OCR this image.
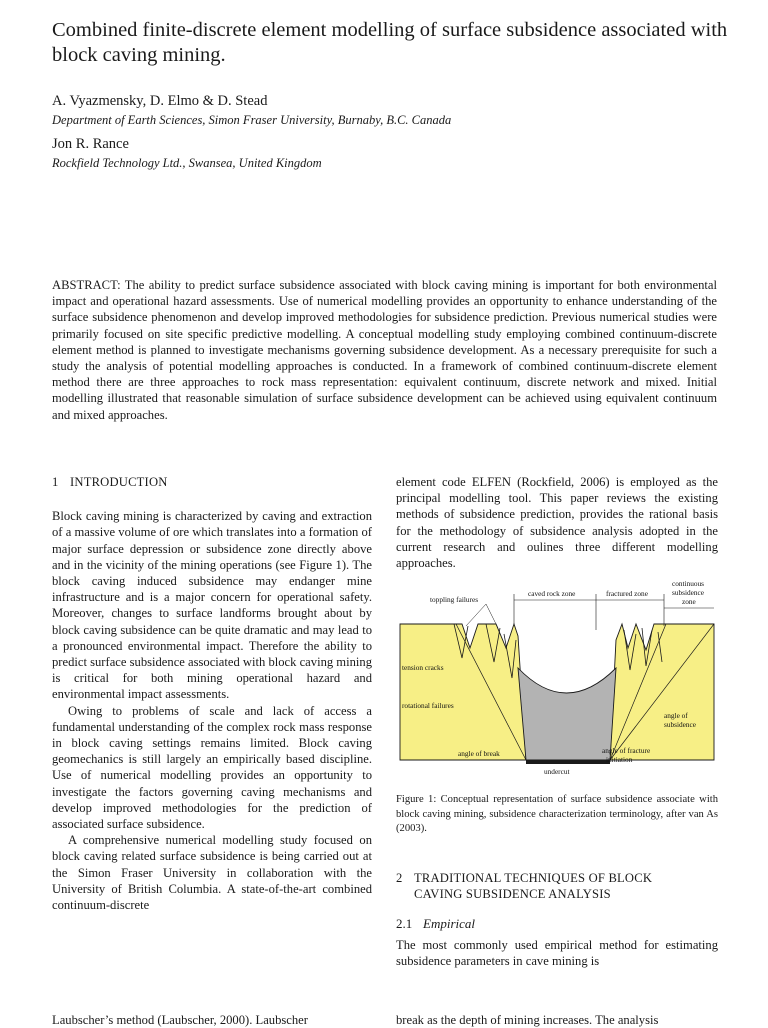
Combined finite-discrete element modelling of surface subsidence associated with block caving mining.

A. Vyazmensky, D. Elmo & D. Stead

Department of Earth Sciences, Simon Fraser University, Burnaby, B.C. Canada

Jon R. Rance

Rockfield Technology Ltd., Swansea, United Kingdom

ABSTRACT: The ability to predict surface subsidence associated with block caving mining is important for both environmental impact and operational hazard assessments. Use of numerical modelling provides an opportunity to enhance understanding of the surface subsidence phenomenon and develop improved methodologies for subsidence prediction. Previous numerical studies were primarily focused on site specific predictive modelling. A conceptual modelling study employing combined continuum-discrete element method is planned to investigate mechanisms governing subsidence development. As a necessary prerequisite for such a study the analysis of potential modelling approaches is conducted. In a framework of combined continuum-discrete element method there are three approaches to rock mass representation: equivalent continuum, discrete network and mixed. Initial modelling illustrated that reasonable simulation of surface subsidence development can be achieved using equivalent continuum and mixed approaches.

1 INTRODUCTION

Block caving mining is characterized by caving and extraction of a massive volume of ore which translates into a formation of major surface depression or subsidence zone directly above and in the vicinity of the mining operations (see Figure 1). The block caving induced subsidence may endanger mine infrastructure and is a major concern for operational safety. Moreover, changes to surface landforms brought about by block caving subsidence can be quite dramatic and may lead to a pronounced environmental impact. Therefore the ability to predict surface subsidence associated with block caving mining is critical for both mining operational hazard and environmental impact assessments.

Owing to problems of scale and lack of access a fundamental understanding of the complex rock mass response in block caving settings remains limited. Block caving geomechanics is still largely an empirically based discipline. Use of numerical modelling provides an opportunity to investigate the factors governing caving mechanisms and develop improved methodologies for the prediction of associated surface subsidence.

A comprehensive numerical modelling study focused on block caving related surface subsidence is being carried out at the Simon Fraser University in collaboration with the University of British Columbia. A state-of-the-art combined continuum-discrete

Laubscher’s method (Laubscher, 2000). Laubscher

element code ELFEN (Rockfield, 2006) is employed as the principal modelling tool. This paper reviews the existing methods of subsidence prediction, provides the rational basis for the methodology of subsidence analysis adopted in the current research and oulines three different modelling approaches.

toppling failures
caved rock zone	fractured zone
continuous
subsidence
zone
tension cracks
rotational failures
angle of
subsidence
angle of break	angle of fracture
initiation
undercut

Figure 1: Conceptual representation of surface subsidence associate with block caving mining, subsidence characterization terminology, after van As (2003).

2 TRADITIONAL TECHNIQUES OF BLOCK

CAVING SUBSIDENCE ANALYSIS

2.1 Empirical

The most commonly used empirical method for estimating subsidence parameters in cave mining is

break as the depth of mining increases. The analysis
